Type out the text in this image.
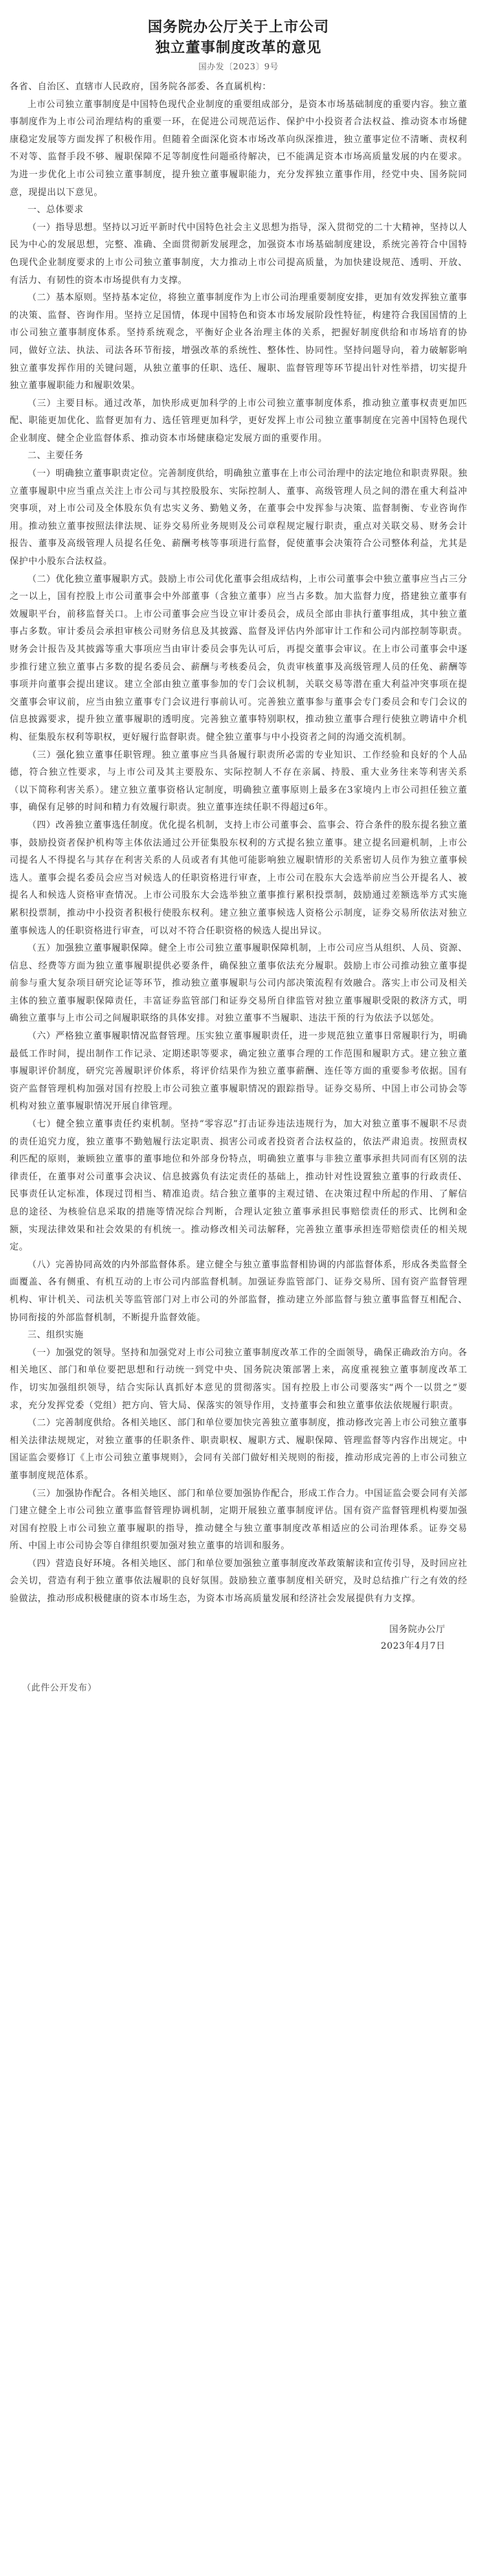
国务院办公厅关于上市公司
独立董事制度改革的意见
国办发〔2023〕9号

各省、自治区、直辖市人民政府，国务院各部委、各直属机构：

上市公司独立董事制度是中国特色现代企业制度的重要组成部分，是资本市场基础制度的重要内容。独立董事制度作为上市公司治理结构的重要一环，在促进公司规范运作、保护中小投资者合法权益、推动资本市场健康稳定发展等方面发挥了积极作用。但随着全面深化资本市场改革向纵深推进，独立董事定位不清晰、责权利不对等、监督手段不够、履职保障不足等制度性问题亟待解决，已不能满足资本市场高质量发展的内在要求。为进一步优化上市公司独立董事制度，提升独立董事履职能力，充分发挥独立董事作用，经党中央、国务院同意，现提出以下意见。

一、总体要求

（一）指导思想。坚持以习近平新时代中国特色社会主义思想为指导，深入贯彻党的二十大精神，坚持以人民为中心的发展思想，完整、准确、全面贯彻新发展理念，加强资本市场基础制度建设，系统完善符合中国特色现代企业制度要求的上市公司独立董事制度，大力推动上市公司提高质量，为加快建设规范、透明、开放、有活力、有韧性的资本市场提供有力支撑。

（二）基本原则。坚持基本定位，将独立董事制度作为上市公司治理重要制度安排，更加有效发挥独立董事的决策、监督、咨询作用。坚持立足国情，体现中国特色和资本市场发展阶段性特征，构建符合我国国情的上市公司独立董事制度体系。坚持系统观念，平衡好企业各治理主体的关系，把握好制度供给和市场培育的协同，做好立法、执法、司法各环节衔接，增强改革的系统性、整体性、协同性。坚持问题导向，着力破解影响独立董事发挥作用的关键问题，从独立董事的任职、选任、履职、监督管理等环节提出针对性举措，切实提升独立董事履职能力和履职效果。

（三）主要目标。通过改革，加快形成更加科学的上市公司独立董事制度体系，推动独立董事权责更加匹配、职能更加优化、监督更加有力、选任管理更加科学，更好发挥上市公司独立董事制度在完善中国特色现代企业制度、健全企业监督体系、推动资本市场健康稳定发展方面的重要作用。

二、主要任务

（一）明确独立董事职责定位。完善制度供给，明确独立董事在上市公司治理中的法定地位和职责界限。独立董事履职中应当重点关注上市公司与其控股股东、实际控制人、董事、高级管理人员之间的潜在重大利益冲突事项，对上市公司及全体股东负有忠实义务、勤勉义务，在董事会中发挥参与决策、监督制衡、专业咨询作用。推动独立董事按照法律法规、证券交易所业务规则及公司章程规定履行职责，重点对关联交易、财务会计报告、董事及高级管理人员提名任免、薪酬考核等事项进行监督，促使董事会决策符合公司整体利益，尤其是保护中小股东合法权益。

（二）优化独立董事履职方式。鼓励上市公司优化董事会组成结构，上市公司董事会中独立董事应当占三分之一以上，国有控股上市公司董事会中外部董事（含独立董事）应当占多数。加大监督力度，搭建独立董事有效履职平台，前移监督关口。上市公司董事会应当设立审计委员会，成员全部由非执行董事组成，其中独立董事占多数。审计委员会承担审核公司财务信息及其披露、监督及评估内外部审计工作和公司内部控制等职责。财务会计报告及其披露等重大事项应当由审计委员会事先认可后，再提交董事会审议。在上市公司董事会中逐步推行建立独立董事占多数的提名委员会、薪酬与考核委员会，负责审核董事及高级管理人员的任免、薪酬等事项并向董事会提出建议。建立全部由独立董事参加的专门会议机制，关联交易等潜在重大利益冲突事项在提交董事会审议前，应当由独立董事专门会议进行事前认可。完善独立董事参与董事会专门委员会和专门会议的信息披露要求，提升独立董事履职的透明度。完善独立董事特别职权，推动独立董事合理行使独立聘请中介机构、征集股东权利等职权，更好履行监督职责。健全独立董事与中小投资者之间的沟通交流机制。

（三）强化独立董事任职管理。独立董事应当具备履行职责所必需的专业知识、工作经验和良好的个人品德，符合独立性要求，与上市公司及其主要股东、实际控制人不存在亲属、持股、重大业务往来等利害关系（以下简称利害关系）。建立独立董事资格认定制度，明确独立董事原则上最多在3家境内上市公司担任独立董事，确保有足够的时间和精力有效履行职责。独立董事连续任职不得超过6年。

（四）改善独立董事选任制度。优化提名机制，支持上市公司董事会、监事会、符合条件的股东提名独立董事，鼓励投资者保护机构等主体依法通过公开征集股东权利的方式提名独立董事。建立提名回避机制，上市公司提名人不得提名与其存在利害关系的人员或者有其他可能影响独立履职情形的关系密切人员作为独立董事候选人。董事会提名委员会应当对候选人的任职资格进行审查，上市公司在股东大会选举前应当公开提名人、被提名人和候选人资格审查情况。上市公司股东大会选举独立董事推行累积投票制，鼓励通过差额选举方式实施累积投票制，推动中小投资者积极行使股东权利。建立独立董事候选人资格公示制度，证券交易所依法对独立董事候选人的任职资格进行审查，可以对不符合任职资格的候选人提出异议。

（五）加强独立董事履职保障。健全上市公司独立董事履职保障机制，上市公司应当从组织、人员、资源、信息、经费等方面为独立董事履职提供必要条件，确保独立董事依法充分履职。鼓励上市公司推动独立董事提前参与重大复杂项目研究论证等环节，推动独立董事履职与公司内部决策流程有效融合。落实上市公司及相关主体的独立董事履职保障责任，丰富证券监管部门和证券交易所自律监管对独立董事履职受限的救济方式，明确独立董事与上市公司之间履职联络的具体安排。对独立董事不当履职、违法干预的行为依法予以惩处。

（六）严格独立董事履职情况监督管理。压实独立董事履职责任，进一步规范独立董事日常履职行为，明确最低工作时间，提出制作工作记录、定期述职等要求，确定独立董事合理的工作范围和履职方式。建立独立董事履职评价制度，研究完善履职评价体系，将评价结果作为独立董事薪酬、连任等方面的重要参考依据。国有资产监督管理机构加强对国有控股上市公司独立董事履职情况的跟踪指导。证券交易所、中国上市公司协会等机构对独立董事履职情况开展自律管理。

（七）健全独立董事责任约束机制。坚持“零容忍”打击证券违法违规行为，加大对独立董事不履职不尽责的责任追究力度，独立董事不勤勉履行法定职责、损害公司或者投资者合法权益的，依法严肃追责。按照责权利匹配的原则，兼顾独立董事的董事地位和外部身份特点，明确独立董事与非独立董事承担共同而有区别的法律责任，在董事对公司董事会决议、信息披露负有法定责任的基础上，推动针对性设置独立董事的行政责任、民事责任认定标准，体现过罚相当、精准追责。结合独立董事的主观过错、在决策过程中所起的作用、了解信息的途径、为核验信息采取的措施等情况综合判断，合理认定独立董事承担民事赔偿责任的形式、比例和金额，实现法律效果和社会效果的有机统一。推动修改相关司法解释，完善独立董事承担连带赔偿责任的相关规定。

（八）完善协同高效的内外部监督体系。建立健全与独立董事监督相协调的内部监督体系，形成各类监督全面覆盖、各有侧重、有机互动的上市公司内部监督机制。加强证券监管部门、证券交易所、国有资产监督管理机构、审计机关、司法机关等监管部门对上市公司的外部监督，推动建立外部监督与独立董事监督互相配合、协同衔接的外部监督机制，不断提升监督效能。

三、组织实施

（一）加强党的领导。坚持和加强党对上市公司独立董事制度改革工作的全面领导，确保正确政治方向。各相关地区、部门和单位要把思想和行动统一到党中央、国务院决策部署上来，高度重视独立董事制度改革工作，切实加强组织领导，结合实际认真抓好本意见的贯彻落实。国有控股上市公司要落实“两个一以贯之”要求，充分发挥党委（党组）把方向、管大局、保落实的领导作用，支持董事会和独立董事依法依规履行职责。

（二）完善制度供给。各相关地区、部门和单位要加快完善独立董事制度，推动修改完善上市公司独立董事相关法律法规规定，对独立董事的任职条件、职责职权、履职方式、履职保障、管理监督等内容作出规定。中国证监会要修订《上市公司独立董事规则》，会同有关部门做好相关规则的衔接，推动形成完善的上市公司独立董事制度规范体系。

（三）加强协作配合。各相关地区、部门和单位要加强协作配合，形成工作合力。中国证监会要会同有关部门建立健全上市公司独立董事监督管理协调机制，定期开展独立董事制度评估。国有资产监督管理机构要加强对国有控股上市公司独立董事履职的指导，推动健全与独立董事制度改革相适应的公司治理体系。证券交易所、中国上市公司协会等自律组织要加强对独立董事的培训和服务。

（四）营造良好环境。各相关地区、部门和单位要加强独立董事制度改革政策解读和宣传引导，及时回应社会关切，营造有利于独立董事依法履职的良好氛围。鼓励独立董事制度相关研究，及时总结推广行之有效的经验做法，推动形成积极健康的资本市场生态，为资本市场高质量发展和经济社会发展提供有力支撑。

国务院办公厅
2023年4月7日
（此件公开发布）
